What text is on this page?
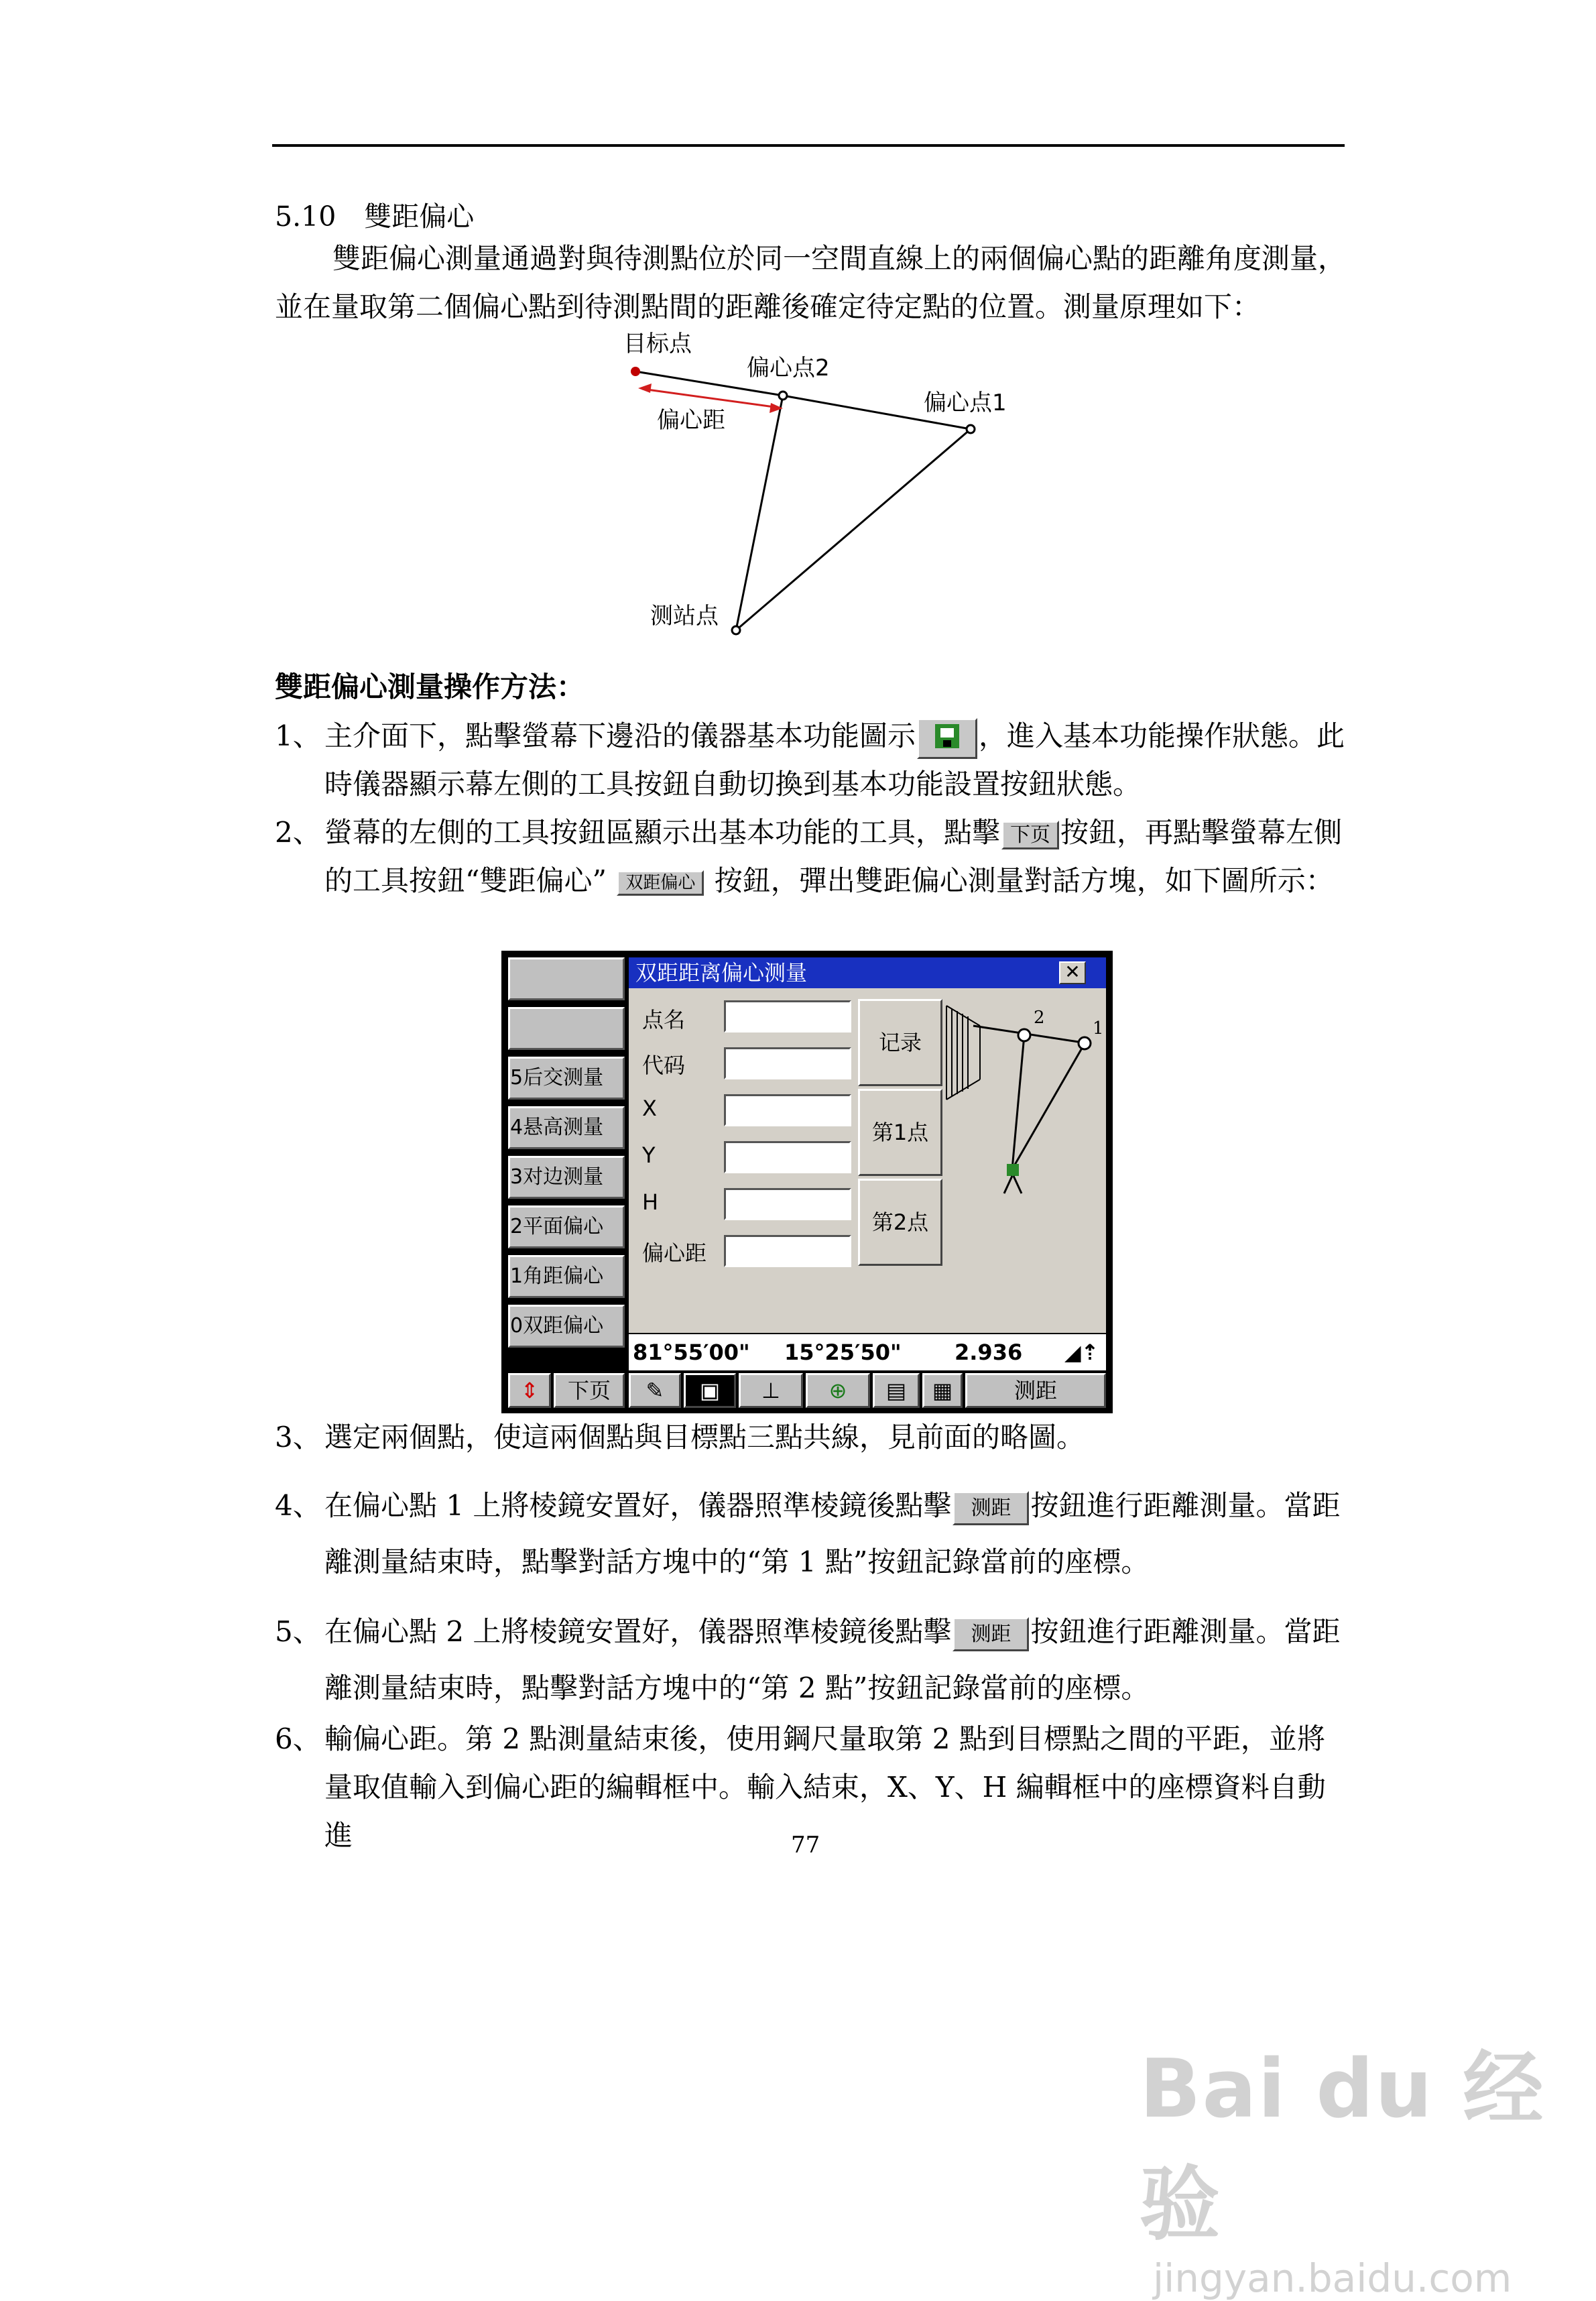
5.10 雙距偏心
雙距偏心測量通過對與待測點位於同一空間直線上的兩個偏心點的距離角度測量，並在量取第二個偏心點到待測點間的距離後確定待定點的位置。測量原理如下：
目标点
偏心点2
偏心点1
偏心距
测站点
雙距偏心測量操作方法：
1、 主介面下，點擊螢幕下邊沿的儀器基本功能圖示 ，進入基本功能操作狀態。此時儀器顯示幕左側的工具按鈕自動切換到基本功能設置按鈕狀態。
2、 螢幕的左側的工具按鈕區顯示出基本功能的工具，點擊 下页 按鈕，再點擊螢幕左側的工具按鈕“雙距偏心” 双距偏心 按鈕，彈出雙距偏心測量對話方塊，如下圖所示：
5后交测量
4悬高测量
3对边测量
2平面偏心
1角距偏心
0双距偏心
双距距离偏心测量	✕
点名
代码
X
Y
H
偏心距
记录
第1点
第2点
2
1
81°55′00" 15°25′50" 2.936 ◢⇡
⇕	下页	✎	▣	⊥	⊕	▤	▦	测距
3、 選定兩個點，使這兩個點與目標點三點共線，見前面的略圖。
4、 在偏心點 1 上將棱鏡安置好，儀器照準棱鏡後點擊 测距 按鈕進行距離測量。當距離測量結束時，點擊對話方塊中的“第 1 點”按鈕記錄當前的座標。
5、 在偏心點 2 上將棱鏡安置好，儀器照準棱鏡後點擊 测距 按鈕進行距離測量。當距離測量結束時，點擊對話方塊中的“第 2 點”按鈕記錄當前的座標。
6、 輸偏心距。第 2 點測量結束後，使用鋼尺量取第 2 點到目標點之間的平距，並將量取值輸入到偏心距的編輯框中。輸入結束，X、Y、H 編輯框中的座標資料自動進	77
Bai du 经验
jingyan.baidu.com
